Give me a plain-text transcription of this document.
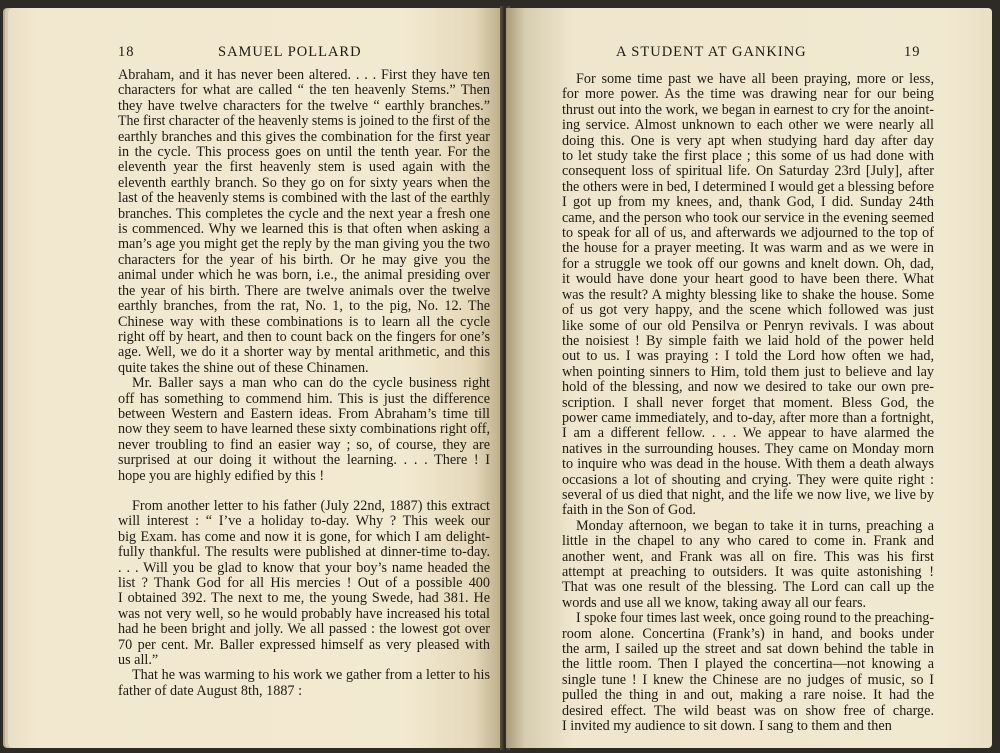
18	SAMUEL POLLARD

Abraham, and it has never been altered. . . . First they have ten

characters for what are called “ the ten heavenly Stems.” Then

they have twelve characters for the twelve “ earthly branches.”

The first character of the heavenly stems is joined to the first of the

earthly branches and this gives the combination for the first year

in the cycle. This process goes on until the tenth year. For the

eleventh year the first heavenly stem is used again with the

eleventh earthly branch. So they go on for sixty years when the

last of the heavenly stems is combined with the last of the earthly

branches. This completes the cycle and the next year a fresh one

is commenced. Why we learned this is that often when asking a

man’s age you might get the reply by the man giving you the two

characters for the year of his birth. Or he may give you the

animal under which he was born, i.e., the animal presiding over

the year of his birth. There are twelve animals over the twelve

earthly branches, from the rat, No. 1, to the pig, No. 12. The

Chinese way with these combinations is to learn all the cycle

right off by heart, and then to count back on the fingers for one’s

age. Well, we do it a shorter way by mental arithmetic, and this

quite takes the shine out of these Chinamen.

Mr. Baller says a man who can do the cycle business right

off has something to commend him. This is just the difference

between Western and Eastern ideas. From Abraham’s time till

now they seem to have learned these sixty combinations right off,

never troubling to find an easier way ; so, of course, they are

surprised at our doing it without the learning. . . . There ! I

hope you are highly edified by this !

From another letter to his father (July 22nd, 1887) this extract

will interest : “ I’ve a holiday to-day. Why ? This week our

big Exam. has come and now it is gone, for which I am delight-

fully thankful. The results were published at dinner-time to-day.

. . . Will you be glad to know that your boy’s name headed the

list ? Thank God for all His mercies ! Out of a possible 400

I obtained 392. The next to me, the young Swede, had 381. He

was not very well, so he would probably have increased his total

had he been bright and jolly. We all passed : the lowest got over

70 per cent. Mr. Baller expressed himself as very pleased with

us all.”

That he was warming to his work we gather from a letter to his

father of date August 8th, 1887 :

A STUDENT AT GANKING	19

For some time past we have all been praying, more or less,

for more power. As the time was drawing near for our being

thrust out into the work, we began in earnest to cry for the anoint-

ing service. Almost unknown to each other we were nearly all

doing this. One is very apt when studying hard day after day

to let study take the first place ; this some of us had done with

consequent loss of spiritual life. On Saturday 23rd [July], after

the others were in bed, I determined I would get a blessing before

I got up from my knees, and, thank God, I did. Sunday 24th

came, and the person who took our service in the evening seemed

to speak for all of us, and afterwards we adjourned to the top of

the house for a prayer meeting. It was warm and as we were in

for a struggle we took off our gowns and knelt down. Oh, dad,

it would have done your heart good to have been there. What

was the result? A mighty blessing like to shake the house. Some

of us got very happy, and the scene which followed was just

like some of our old Pensilva or Penryn revivals. I was about

the noisiest ! By simple faith we laid hold of the power held

out to us. I was praying : I told the Lord how often we had,

when pointing sinners to Him, told them just to believe and lay

hold of the blessing, and now we desired to take our own pre-

scription. I shall never forget that moment. Bless God, the

power came immediately, and to-day, after more than a fortnight,

I am a different fellow. . . . We appear to have alarmed the

natives in the surrounding houses. They came on Monday morn

to inquire who was dead in the house. With them a death always

occasions a lot of shouting and crying. They were quite right :

several of us died that night, and the life we now live, we live by

faith in the Son of God.

Monday afternoon, we began to take it in turns, preaching a

little in the chapel to any who cared to come in. Frank and

another went, and Frank was all on fire. This was his first

attempt at preaching to outsiders. It was quite astonishing !

That was one result of the blessing. The Lord can call up the

words and use all we know, taking away all our fears.

I spoke four times last week, once going round to the preaching-

room alone. Concertina (Frank’s) in hand, and books under

the arm, I sailed up the street and sat down behind the table in

the little room. Then I played the concertina—not knowing a

single tune ! I knew the Chinese are no judges of music, so I

pulled the thing in and out, making a rare noise. It had the

desired effect. The wild beast was on show free of charge.

I invited my audience to sit down. I sang to them and then
